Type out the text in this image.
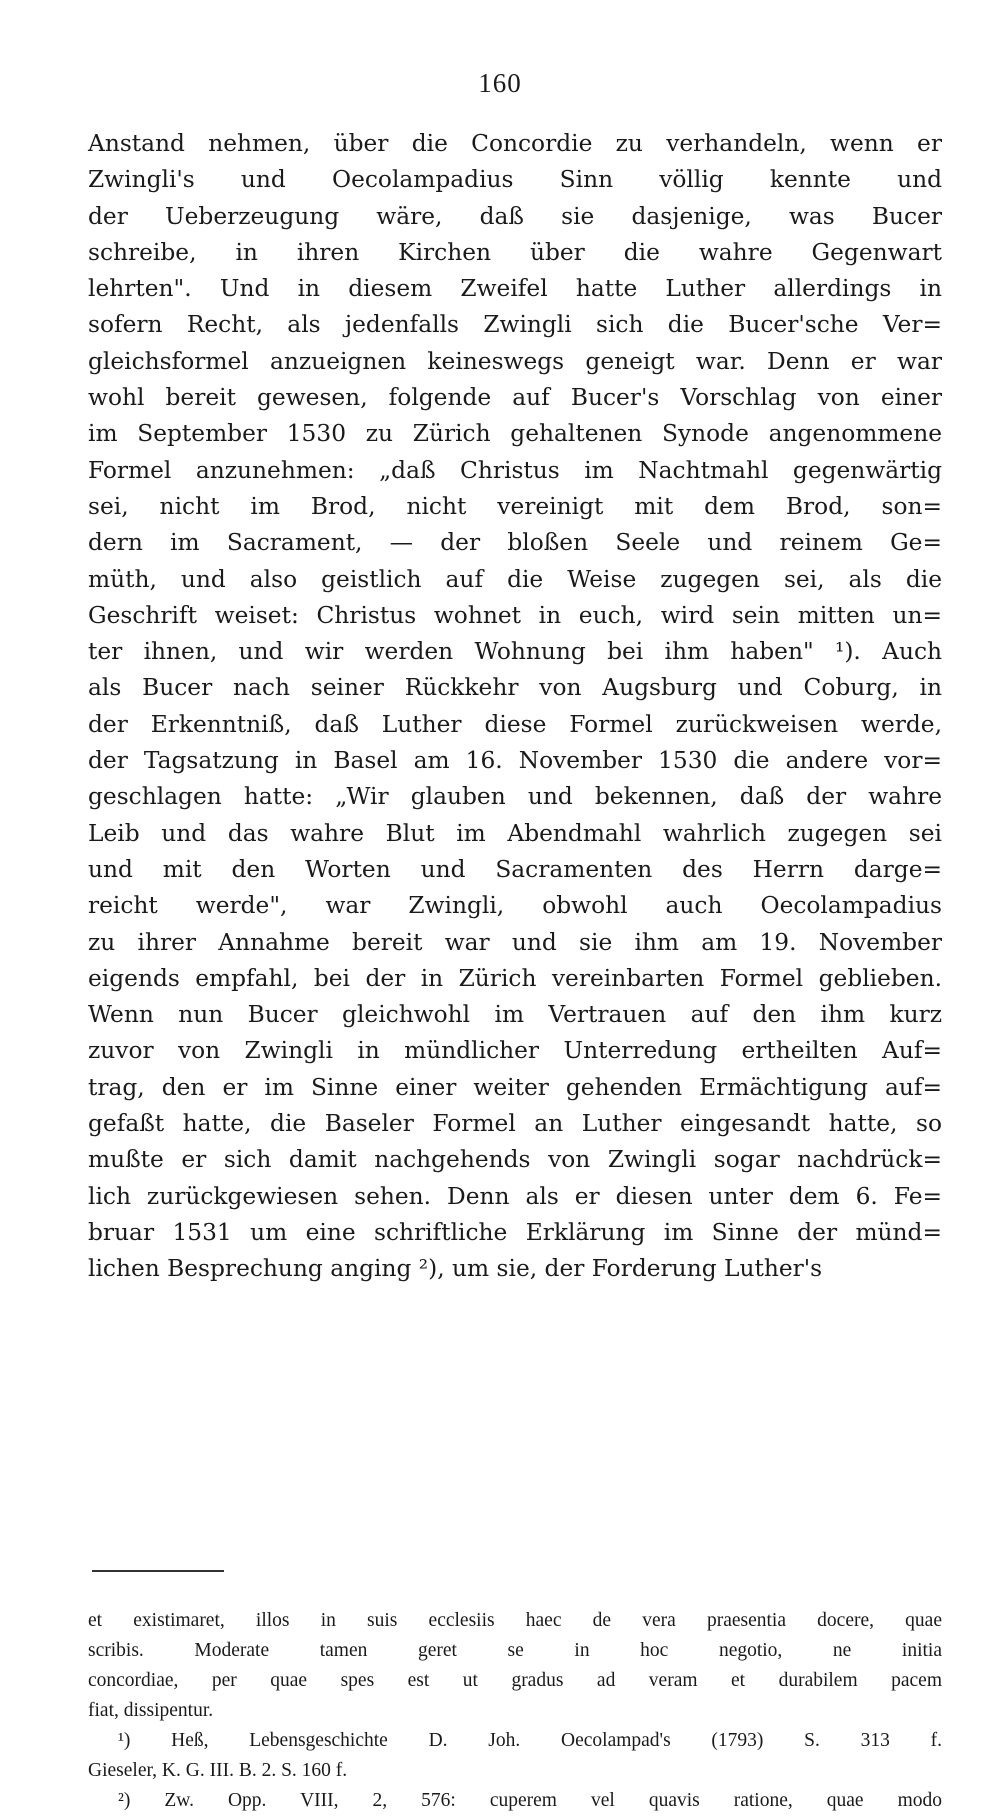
160
Anstand nehmen, über die Concordie zu verhandeln, wenn er
Zwingli's und Oecolampadius Sinn völlig kennte und
der Ueberzeugung wäre, daß sie dasjenige, was Bucer
schreibe, in ihren Kirchen über die wahre Gegenwart
lehrten". Und in diesem Zweifel hatte Luther allerdings in
sofern Recht, als jedenfalls Zwingli sich die Bucer'sche Ver=
gleichsformel anzueignen keineswegs geneigt war. Denn er war
wohl bereit gewesen, folgende auf Bucer's Vorschlag von einer
im September 1530 zu Zürich gehaltenen Synode angenommene
Formel anzunehmen: „daß Christus im Nachtmahl gegenwärtig
sei, nicht im Brod, nicht vereinigt mit dem Brod, son=
dern im Sacrament, — der bloßen Seele und reinem Ge=
müth, und also geistlich auf die Weise zugegen sei, als die
Geschrift weiset: Christus wohnet in euch, wird sein mitten un=
ter ihnen, und wir werden Wohnung bei ihm haben" ¹). Auch
als Bucer nach seiner Rückkehr von Augsburg und Coburg, in
der Erkenntniß, daß Luther diese Formel zurückweisen werde,
der Tagsatzung in Basel am 16. November 1530 die andere vor=
geschlagen hatte: „Wir glauben und bekennen, daß der wahre
Leib und das wahre Blut im Abendmahl wahrlich zugegen sei
und mit den Worten und Sacramenten des Herrn darge=
reicht werde", war Zwingli, obwohl auch Oecolampadius
zu ihrer Annahme bereit war und sie ihm am 19. November
eigends empfahl, bei der in Zürich vereinbarten Formel geblieben.
Wenn nun Bucer gleichwohl im Vertrauen auf den ihm kurz
zuvor von Zwingli in mündlicher Unterredung ertheilten Auf=
trag, den er im Sinne einer weiter gehenden Ermächtigung auf=
gefaßt hatte, die Baseler Formel an Luther eingesandt hatte, so
mußte er sich damit nachgehends von Zwingli sogar nachdrück=
lich zurückgewiesen sehen. Denn als er diesen unter dem 6. Fe=
bruar 1531 um eine schriftliche Erklärung im Sinne der münd=
lichen Besprechung anging ²), um sie, der Forderung Luther's
et existimaret, illos in suis ecclesiis haec de vera praesentia docere, quae
scribis. Moderate tamen geret se in hoc negotio, ne initia
concordiae, per quae spes est ut gradus ad veram et durabilem pacem
fiat, dissipentur.
¹) Heß, Lebensgeschichte D. Joh. Oecolampad's (1793) S. 313 f.
Gieseler, K. G. III. B. 2. S. 160 f.
²) Zw. Opp. VIII, 2, 576: cuperem vel quavis ratione, quae modo
